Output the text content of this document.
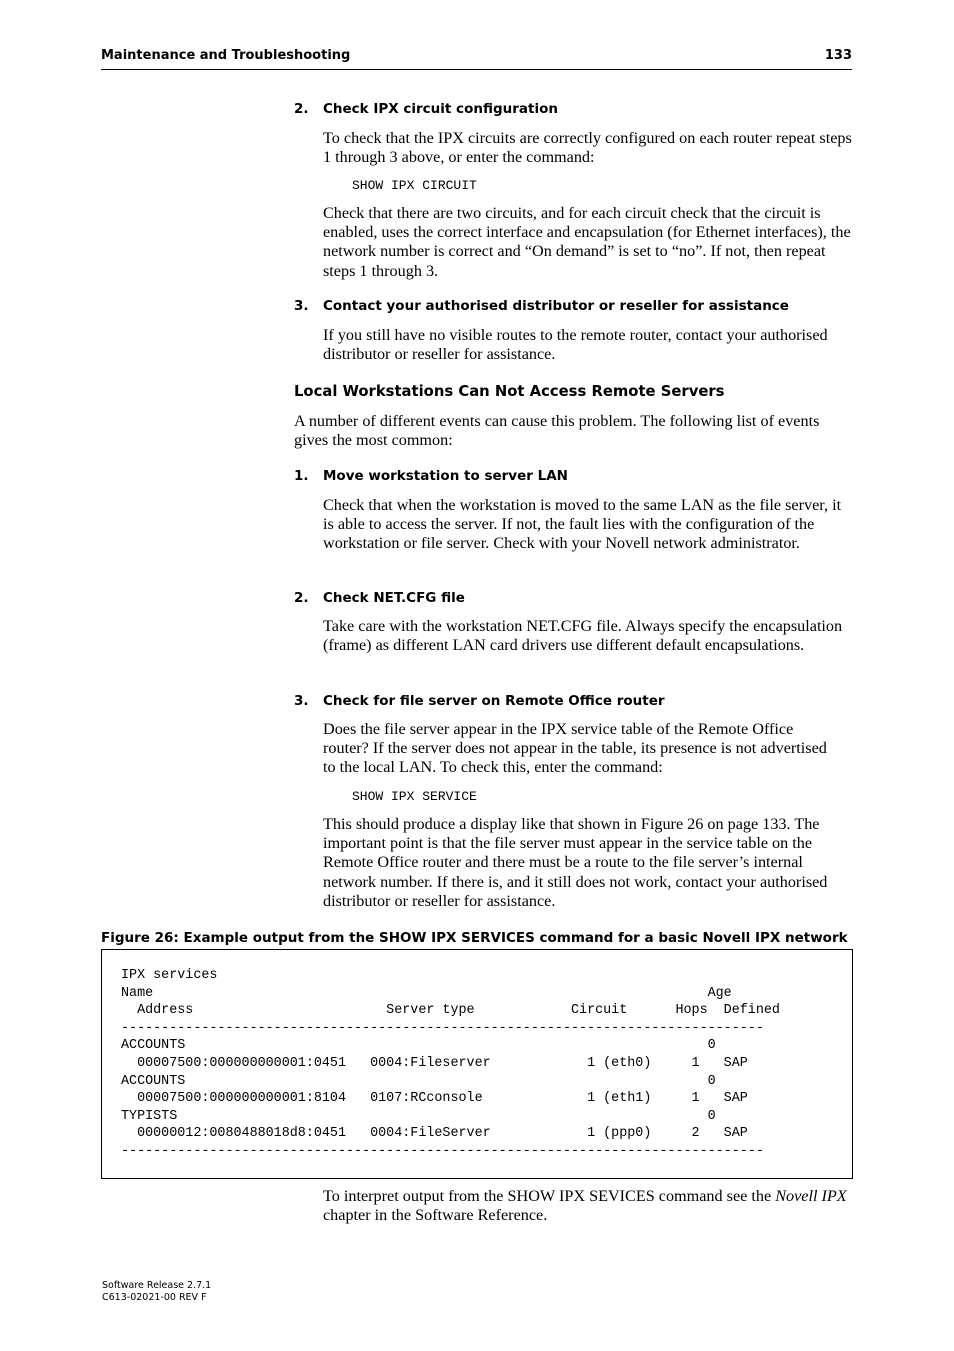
Maintenance and Troubleshooting	133
2. Check IPX circuit configuration
To check that the IPX circuits are correctly configured on each router repeat steps 1 through 3 above, or enter the command:
SHOW IPX CIRCUIT
Check that there are two circuits, and for each circuit check that the circuit is enabled, uses the correct interface and encapsulation (for Ethernet interfaces), the network number is correct and “On demand” is set to “no”. If not, then repeat steps 1 through 3.
3. Contact your authorised distributor or reseller for assistance
If you still have no visible routes to the remote router, contact your authorised distributor or reseller for assistance.
Local Workstations Can Not Access Remote Servers
A number of different events can cause this problem. The following list of events gives the most common:
1. Move workstation to server LAN
Check that when the workstation is moved to the same LAN as the file server, it is able to access the server. If not, the fault lies with the configuration of the workstation or file server. Check with your Novell network administrator.
2. Check NET.CFG file
Take care with the workstation NET.CFG file. Always specify the encapsulation (frame) as different LAN card drivers use different default encapsulations.
3. Check for file server on Remote Office router
Does the file server appear in the IPX service table of the Remote Office router? If the server does not appear in the table, its presence is not advertised to the local LAN. To check this, enter the command:
SHOW IPX SERVICE
This should produce a display like that shown in Figure 26 on page 133. The important point is that the file server must appear in the service table on the Remote Office router and there must be a route to the file server’s internal network number. If there is, and it still does not work, contact your authorised distributor or reseller for assistance.
Figure 26: Example output from the SHOW IPX SERVICES command for a basic Novell IPX network
IPX services
Name                                                                     Age
Address                        Server type            Circuit      Hops  Defined
--------------------------------------------------------------------------------
ACCOUNTS                                                                 0
00007500:000000000001:0451   0004:Fileserver            1 (eth0)     1   SAP
ACCOUNTS                                                                 0
00007500:000000000001:8104   0107:RCconsole             1 (eth1)     1   SAP
TYPISTS                                                                  0
00000012:0080488018d8:0451   0004:FileServer            1 (ppp0)     2   SAP
--------------------------------------------------------------------------------
To interpret output from the SHOW IPX SEVICES command see the Novell IPX chapter in the Software Reference.
Software Release 2.7.1
C613-02021-00 REV F
